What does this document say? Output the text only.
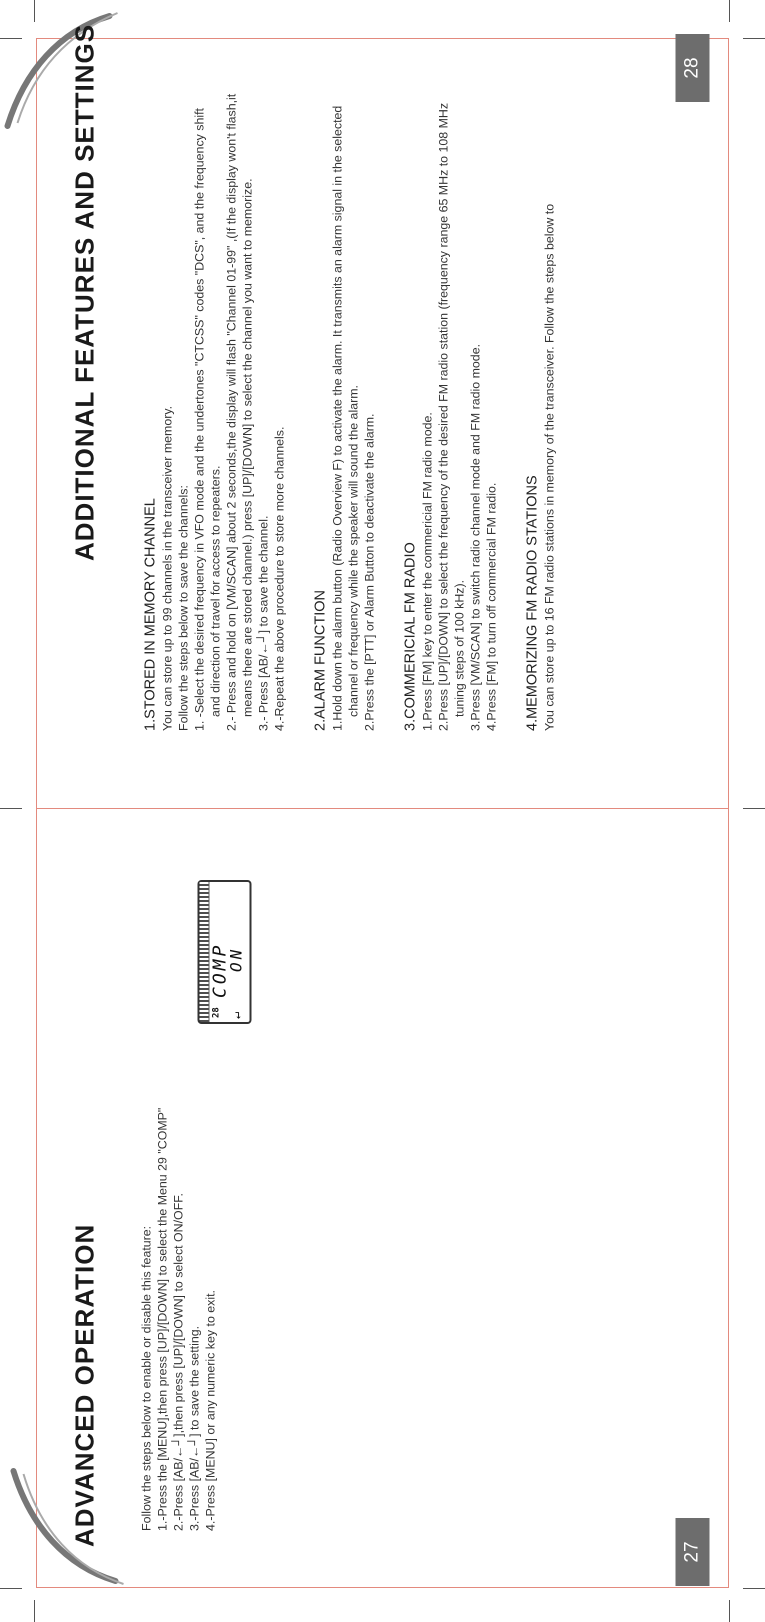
ADVANCED OPERATION	Follow the steps below to enable or disable this feature: 1.-Press the [MENU],then press [UP]/[DOWN] to select the Menu 29 "COMP" 2.-Press [AB/←┘],then press [UP]/[DOWN] to select ON/OFF. 3.-Press [AB/←┘] to save the setting. 4.-Press [MENU] or any numeric key to exit.

28
COMP
ON
↵
27
ADDITIONAL FEATURES AND SETTINGS

1.STORED IN MEMORY CHANNEL You can store up to 99 channels in the transceiver memory. Follow the steps below to save the channels: 1. -Select the desired frequency in VFO mode and the undertones "CTCSS" codes "DCS", and the frequency shift and direction of travel for access to repeaters. 2.- Press and hold on [VM/SCAN] about 2 seconds,the display will flash "Channel 01-99" ,(If the display won't flash,it means there are stored channel.) press [UP]/[DOWN] to select the channel you want to memorize. 3.- Press [AB/←┘] to save the channel. 4.-Repeat the above procedure to store more channels. 2.ALARM FUNCTION 1.Hold down the alarm button (Radio Overview F) to activate the alarm. It transmits an alarm signal in the selected channel or frequency while the speaker will sound the alarm. 2.Press the [PTT] or Alarm Button to deactivate the alarm. 3.COMMERICIAL FM RADIO 1.Press [FM] key to enter the commericial FM radio mode. 2.Press [UP]/[DOWN] to select the frequency of the desired FM radio station (frequency range 65 MHz to 108 MHz tuning steps of 100 kHz). 3.Press [VM/SCAN] to switch radio channel mode and FM radio mode. 4.Press [FM] to turn off commercial FM radio. 4.MEMORIZING FM RADIO STATIONS You can store up to 16 FM radio stations in memory of the transceiver. Follow the steps below to

28
